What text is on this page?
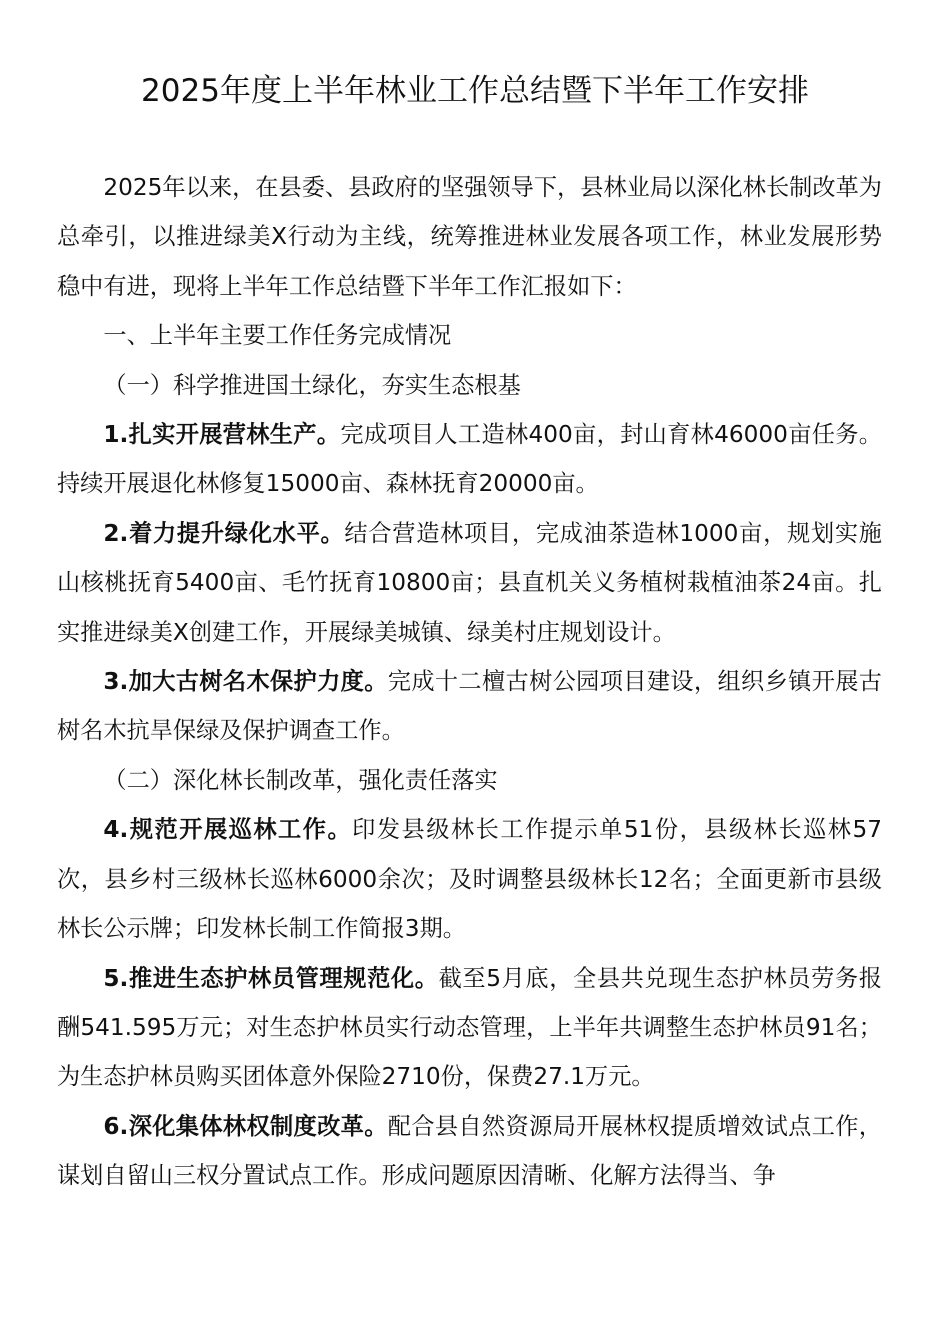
2025年度上半年林业工作总结暨下半年工作安排

2025年以来，在县委、县政府的坚强领导下，县林业局以深化林长制改革为总牵引，以推进绿美X行动为主线，统筹推进林业发展各项工作，林业发展形势稳中有进，现将上半年工作总结暨下半年工作汇报如下：

一、上半年主要工作任务完成情况

（一）科学推进国土绿化，夯实生态根基

1.扎实开展营林生产。完成项目人工造林400亩，封山育林46000亩任务。持续开展退化林修复15000亩、森林抚育20000亩。

2.着力提升绿化水平。结合营造林项目，完成油茶造林1000亩，规划实施山核桃抚育5400亩、毛竹抚育10800亩；县直机关义务植树栽植油茶24亩。扎实推进绿美X创建工作，开展绿美城镇、绿美村庄规划设计。

3.加大古树名木保护力度。完成十二檀古树公园项目建设，组织乡镇开展古树名木抗旱保绿及保护调查工作。

（二）深化林长制改革，强化责任落实

4.规范开展巡林工作。印发县级林长工作提示单51份，县级林长巡林57次，县乡村三级林长巡林6000余次；及时调整县级林长12名；全面更新市县级林长公示牌；印发林长制工作简报3期。

5.推进生态护林员管理规范化。截至5月底，全县共兑现生态护林员劳务报酬541.595万元；对生态护林员实行动态管理，上半年共调整生态护林员91名；为生态护林员购买团体意外保险2710份，保费27.1万元。

6.深化集体林权制度改革。配合县自然资源局开展林权提质增效试点工作，谋划自留山三权分置试点工作。形成问题原因清晰、化解方法得当、争
